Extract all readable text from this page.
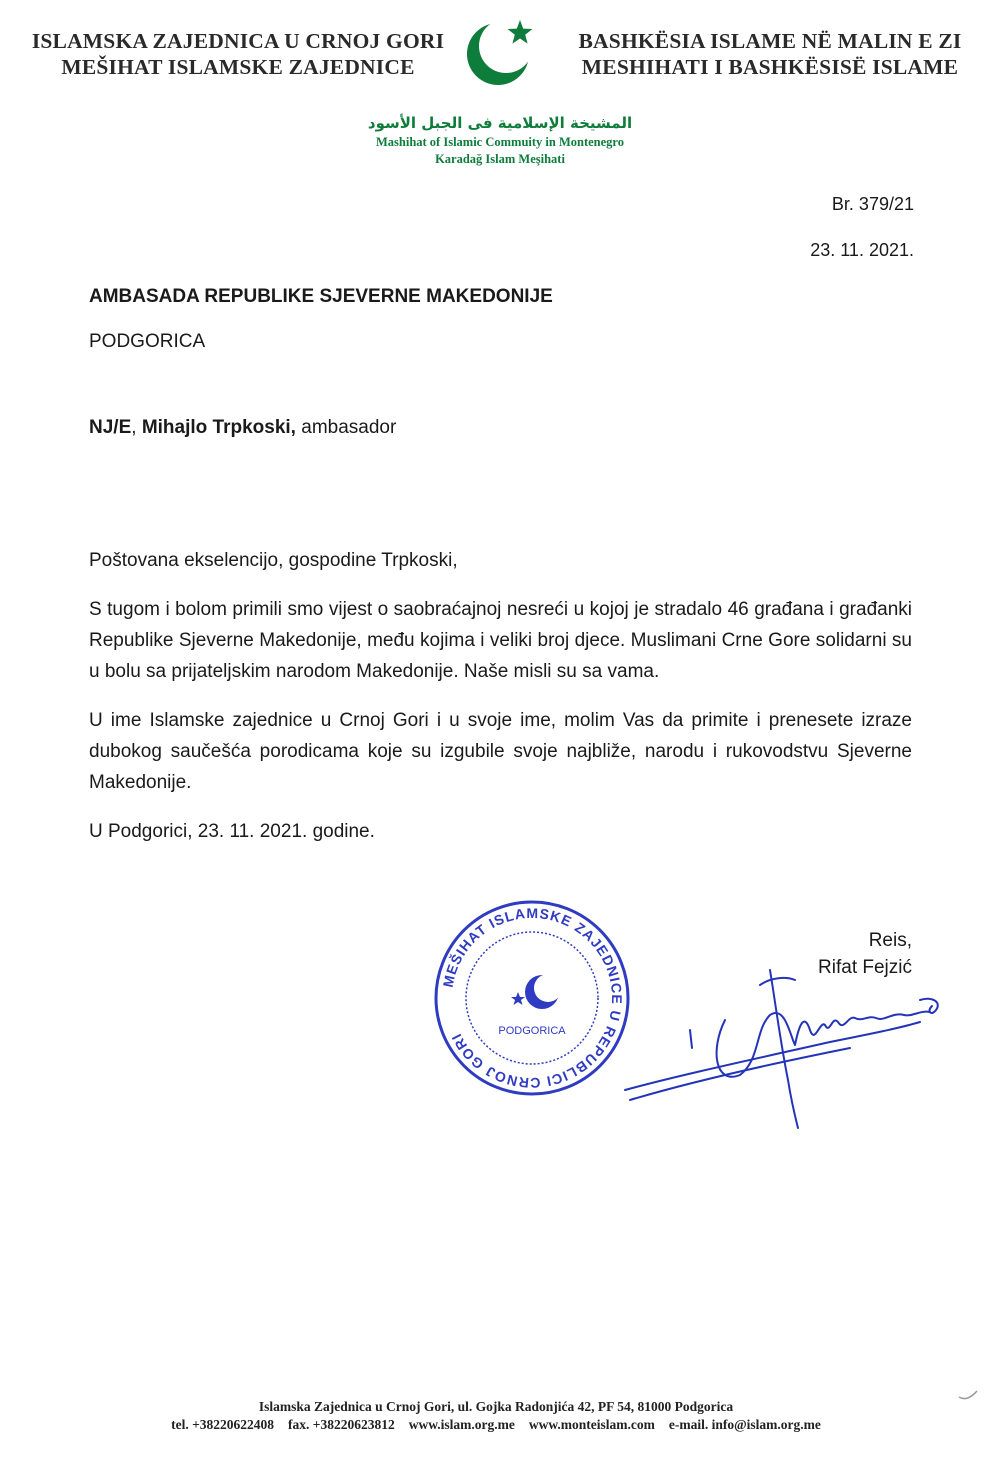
ISLAMSKA ZAJEDNICA U CRNOJ GORI
MEŠIHAT ISLAMSKE ZAJEDNICE
BASHKËSIA ISLAME NË MALIN E ZI
MESHIHATI I BASHKËSISË ISLAME
المشيخة الإسلامية فى الجبل الأسود
Mashihat of Islamic Commuity in Montenegro
Karadağ Islam Meşihati
Br. 379/21
23. 11. 2021.
AMBASADA REPUBLIKE SJEVERNE MAKEDONIJE
PODGORICA
NJ/E, Mihajlo Trpkoski, ambasador
Poštovana ekselencijo, gospodine Trpkoski,
S tugom i bolom primili smo vijest o saobraćajnoj nesreći u kojoj je stradalo 46 građana i građanki Republike Sjeverne Makedonije, među kojima i veliki broj djece. Muslimani Crne Gore solidarni su u bolu sa prijateljskim narodom Makedonije. Naše misli su sa vama.
U ime Islamske zajednice u Crnoj Gori i u svoje ime, molim Vas da primite i prenesete izraze dubokog saučešća porodicama koje su izgubile svoje najbliže, narodu i rukovodstvu Sjeverne Makedonije.
U Podgorici, 23. 11. 2021. godine.
MEŠIHAT ISLAMSKE ZAJEDNICE U REPUBLICI CRNOJ GORI	PODGORICA
Reis,
Rifat Fejzić
Islamska Zajednica u Crnoj Gori, ul. Gojka Radonjića 42, PF 54, 81000 Podgorica
tel. +38220622408 fax. +38220623812 www.islam.org.me www.monteislam.com e-mail. info@islam.org.me
